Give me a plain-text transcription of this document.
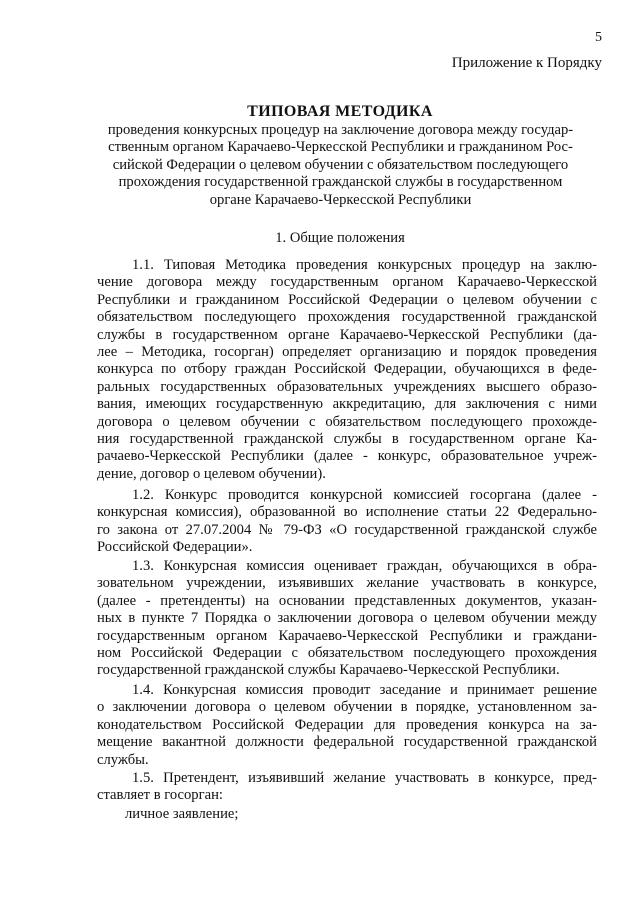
5
Приложение к Порядку
ТИПОВАЯ МЕТОДИКА
проведения конкурсных процедур на заключение договора между государ-
ственным органом Карачаево-Черкесской Республики и гражданином Рос-
сийской Федерации о целевом обучении с обязательством последующего
прохождения государственной гражданской службы в государственном
органе Карачаево-Черкесской Республики
1. Общие положения

1.1. Типовая Методика проведения конкурсных процедур на заклю-
чение договора между государственным органом Карачаево-Черкесской
Республики и гражданином Российской Федерации о целевом обучении с
обязательством последующего прохождения государственной гражданской
службы в государственном органе Карачаево-Черкесской Республики (да-
лее – Методика, госорган) определяет организацию и порядок проведения
конкурса по отбору граждан Российской Федерации, обучающихся в феде-
ральных государственных образовательных учреждениях высшего образо-
вания, имеющих государственную аккредитацию, для заключения с ними
договора о целевом обучении с обязательством последующего прохожде-
ния государственной гражданской службы в государственном органе Ка-
рачаево-Черкесской Республики (далее - конкурс, образовательное учреж-
дение, договор о целевом обучении).

1.2. Конкурс проводится конкурсной комиссией госоргана (далее -
конкурсная комиссия), образованной во исполнение статьи 22 Федерально-
го закона от 27.07.2004 № 79-ФЗ «О государственной гражданской службе
Российской Федерации».

1.3. Конкурсная комиссия оценивает граждан, обучающихся в обра-
зовательном учреждении, изъявивших желание участвовать в конкурсе,
(далее - претенденты) на основании представленных документов, указан-
ных в пункте 7 Порядка о заключении договора о целевом обучении между
государственным органом Карачаево-Черкесской Республики и граждани-
ном Российской Федерации с обязательством последующего прохождения
государственной гражданской службы Карачаево-Черкесской Республики.

1.4. Конкурсная комиссия проводит заседание и принимает решение
о заключении договора о целевом обучении в порядке, установленном за-
конодательством Российской Федерации для проведения конкурса на за-
мещение вакантной должности федеральной государственной гражданской
службы.

1.5. Претендент, изъявивший желание участвовать в конкурсе, пред-
ставляет в госорган:

личное заявление;
